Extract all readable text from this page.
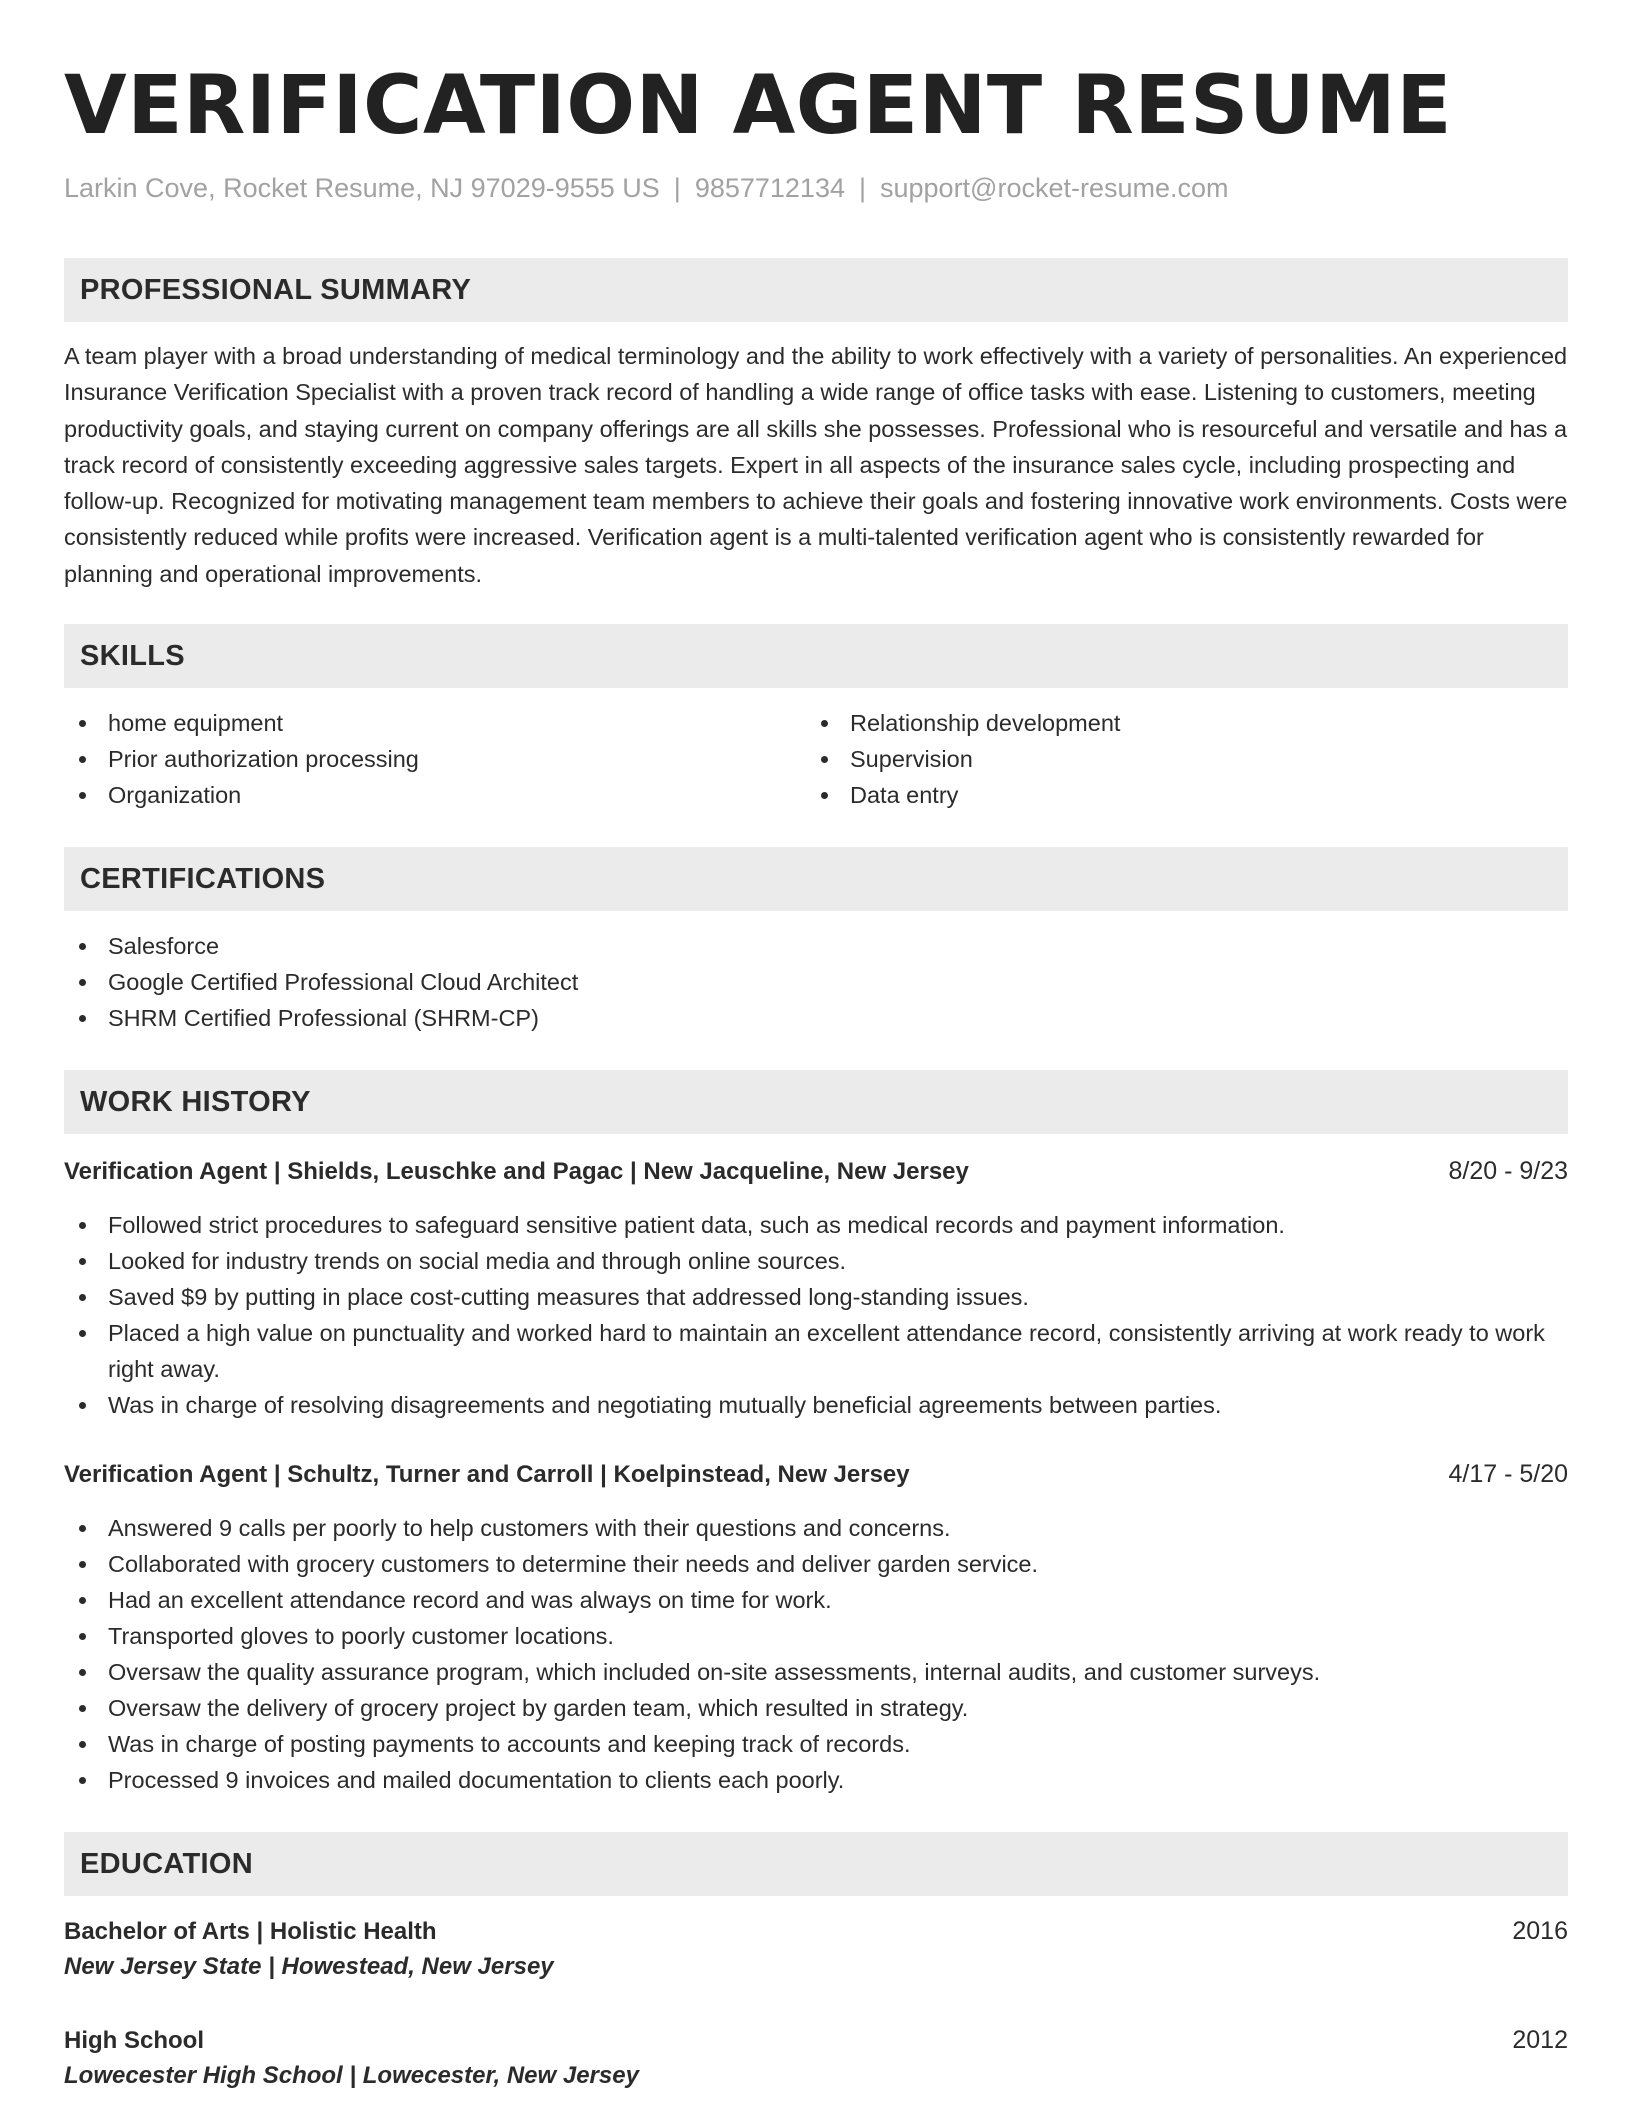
VERIFICATION AGENT RESUME
Larkin Cove, Rocket Resume, NJ 97029-9555 US | 9857712134 | support@rocket-resume.com
PROFESSIONAL SUMMARY

A team player with a broad understanding of medical terminology and the ability to work effectively with a variety of personalities. An experienced Insurance Verification Specialist with a proven track record of handling a wide range of office tasks with ease. Listening to customers, meeting productivity goals, and staying current on company offerings are all skills she possesses. Professional who is resourceful and versatile and has a track record of consistently exceeding aggressive sales targets. Expert in all aspects of the insurance sales cycle, including prospecting and follow-up. Recognized for motivating management team members to achieve their goals and fostering innovative work environments. Costs were consistently reduced while profits were increased. Verification agent is a multi-talented verification agent who is consistently rewarded for planning and operational improvements.

SKILLS
home equipment
Prior authorization processing
Organization
Relationship development
Supervision
Data entry
CERTIFICATIONS
Salesforce
Google Certified Professional Cloud Architect
SHRM Certified Professional (SHRM-CP)
WORK HISTORY
Verification Agent | Shields, Leuschke and Pagac | New Jacqueline, New Jersey	8/20 - 9/23
Followed strict procedures to safeguard sensitive patient data, such as medical records and payment information.
Looked for industry trends on social media and through online sources.
Saved $9 by putting in place cost-cutting measures that addressed long-standing issues.
Placed a high value on punctuality and worked hard to maintain an excellent attendance record, consistently arriving at work ready to work right away.
Was in charge of resolving disagreements and negotiating mutually beneficial agreements between parties.
Verification Agent | Schultz, Turner and Carroll | Koelpinstead, New Jersey	4/17 - 5/20
Answered 9 calls per poorly to help customers with their questions and concerns.
Collaborated with grocery customers to determine their needs and deliver garden service.
Had an excellent attendance record and was always on time for work.
Transported gloves to poorly customer locations.
Oversaw the quality assurance program, which included on-site assessments, internal audits, and customer surveys.
Oversaw the delivery of grocery project by garden team, which resulted in strategy.
Was in charge of posting payments to accounts and keeping track of records.
Processed 9 invoices and mailed documentation to clients each poorly.
EDUCATION
Bachelor of Arts | Holistic Health	2016
New Jersey State | Howestead, New Jersey
High School	2012
Lowecester High School | Lowecester, New Jersey
